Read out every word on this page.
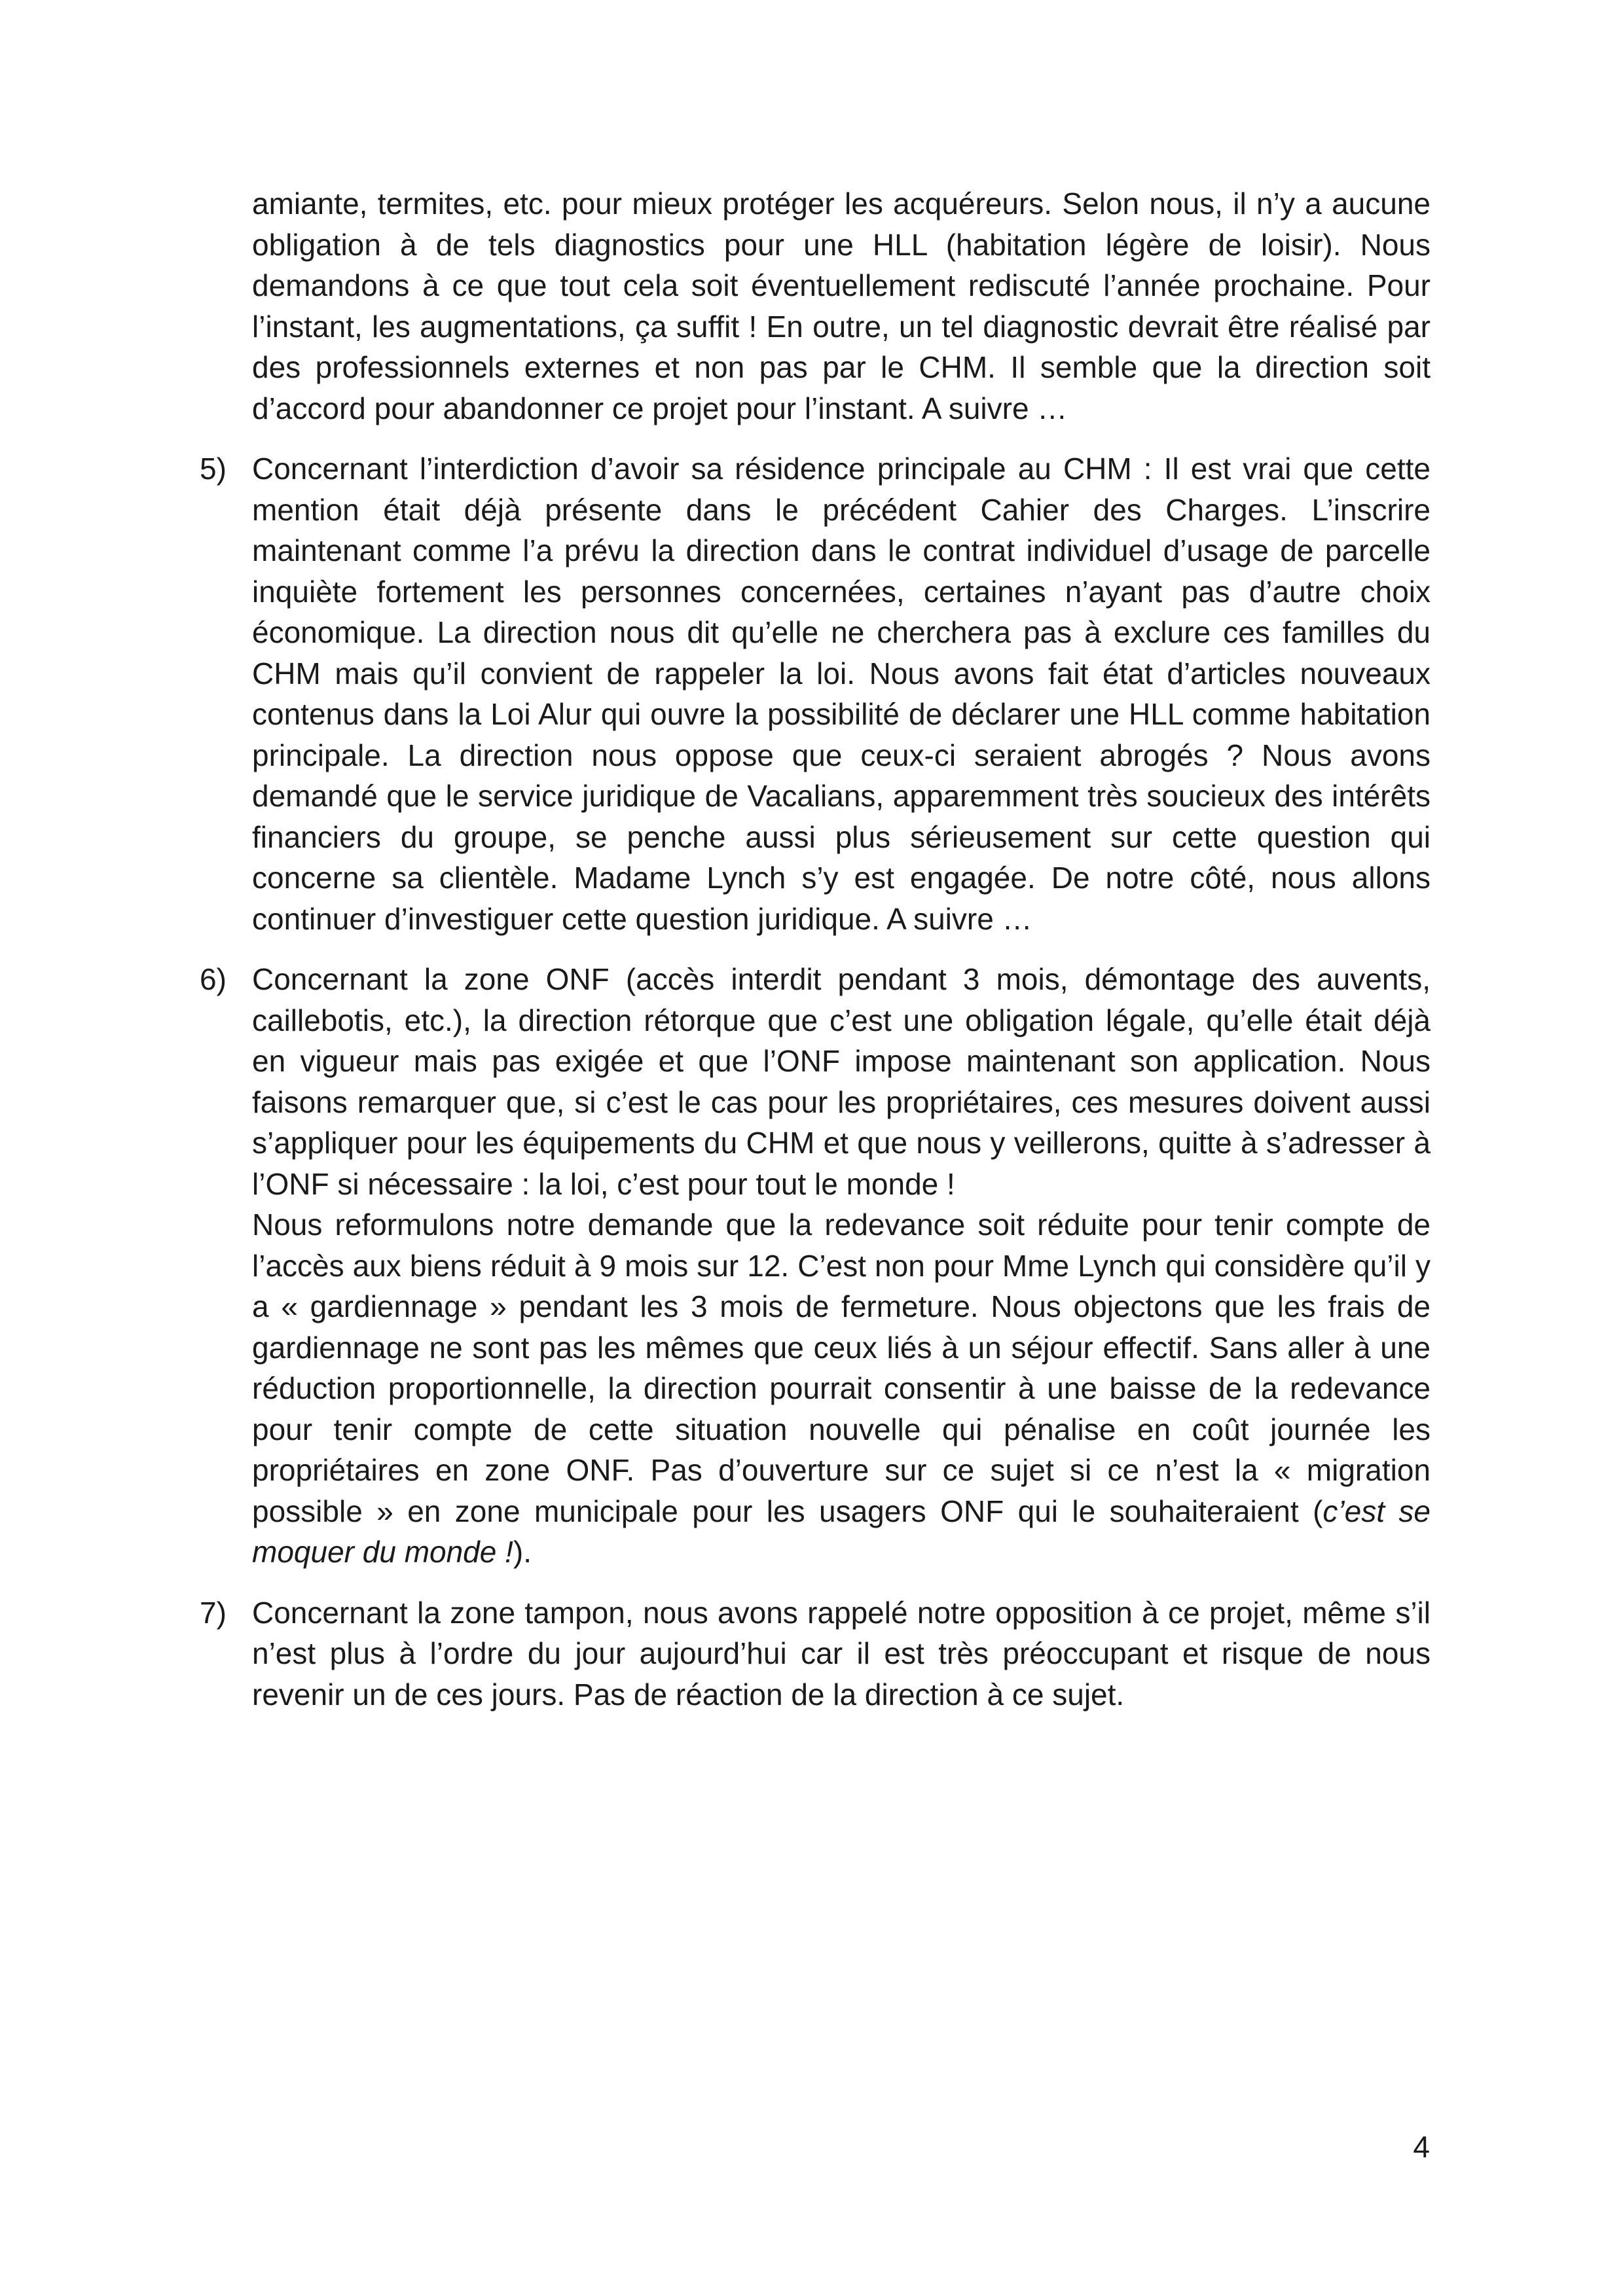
amiante, termites, etc. pour mieux protéger les acquéreurs. Selon nous, il n’y a aucune obligation à de tels diagnostics pour une HLL (habitation légère de loisir). Nous demandons à ce que tout cela soit éventuellement rediscuté l’année prochaine. Pour l’instant, les augmentations, ça suffit ! En outre, un tel diagnostic devrait être réalisé par des professionnels externes et non pas par le CHM. Il semble que la direction soit d’accord pour abandonner ce projet pour l’instant. A suivre …

5) Concernant l’interdiction d’avoir sa résidence principale au CHM : Il est vrai que cette mention était déjà présente dans le précédent Cahier des Charges. L’inscrire maintenant comme l’a prévu la direction dans le contrat individuel d’usage de parcelle inquiète fortement les personnes concernées, certaines n’ayant pas d’autre choix économique. La direction nous dit qu’elle ne cherchera pas à exclure ces familles du CHM mais qu’il convient de rappeler la loi. Nous avons fait état d’articles nouveaux contenus dans la Loi Alur qui ouvre la possibilité de déclarer une HLL comme habitation principale. La direction nous oppose que ceux-ci seraient abrogés ? Nous avons demandé que le service juridique de Vacalians, apparemment très soucieux des intérêts financiers du groupe, se penche aussi plus sérieusement sur cette question qui concerne sa clientèle. Madame Lynch s’y est engagée. De notre côté, nous allons continuer d’investiguer cette question juridique. A suivre …

6) Concernant la zone ONF (accès interdit pendant 3 mois, démontage des auvents, caillebotis, etc.), la direction rétorque que c’est une obligation légale, qu’elle était déjà en vigueur mais pas exigée et que l’ONF impose maintenant son application. Nous faisons remarquer que, si c’est le cas pour les propriétaires, ces mesures doivent aussi s’appliquer pour les équipements du CHM et que nous y veillerons, quitte à s’adresser à l’ONF si nécessaire : la loi, c’est pour tout le monde !

Nous reformulons notre demande que la redevance soit réduite pour tenir compte de l’accès aux biens réduit à 9 mois sur 12. C’est non pour Mme Lynch qui considère qu’il y a « gardiennage » pendant les 3 mois de fermeture. Nous objectons que les frais de gardiennage ne sont pas les mêmes que ceux liés à un séjour effectif. Sans aller à une réduction proportionnelle, la direction pourrait consentir à une baisse de la redevance pour tenir compte de cette situation nouvelle qui pénalise en coût journée les propriétaires en zone ONF. Pas d’ouverture sur ce sujet si ce n’est la « migration possible » en zone municipale pour les usagers ONF qui le souhaiteraient (c’est se moquer du monde !).

7) Concernant la zone tampon, nous avons rappelé notre opposition à ce projet, même s’il n’est plus à l’ordre du jour aujourd’hui car il est très préoccupant et risque de nous revenir un de ces jours. Pas de réaction de la direction à ce sujet.

4
